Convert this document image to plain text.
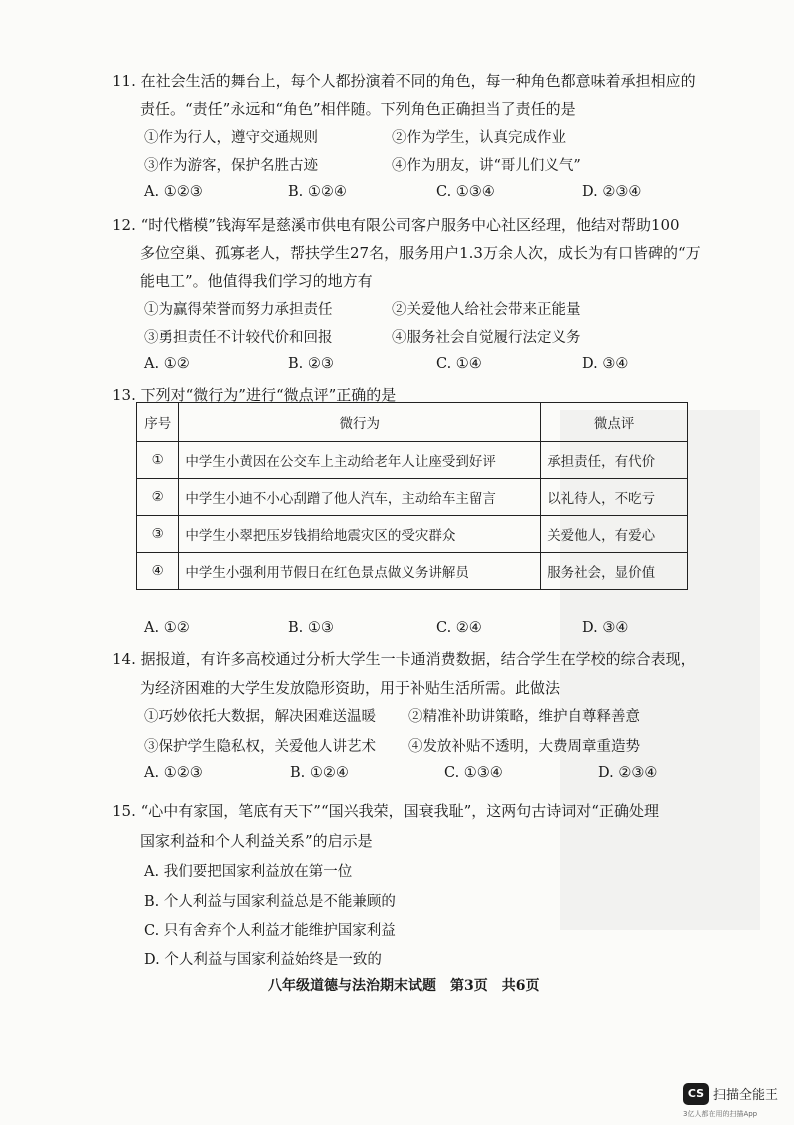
11. 在社会生活的舞台上，每个人都扮演着不同的角色，每一种角色都意味着承担相应的
责任。“责任”永远和“角色”相伴随。下列角色正确担当了责任的是
①作为行人，遵守交通规则	②作为学生，认真完成作业
③作为游客，保护名胜古迹	④作为朋友，讲“哥儿们义气”
A. ①②③	B. ①②④	C. ①③④	D. ②③④
12. “时代楷模”钱海军是慈溪市供电有限公司客户服务中心社区经理，他结对帮助100
多位空巢、孤寡老人，帮扶学生27名，服务用户1.3万余人次，成长为有口皆碑的“万
能电工”。他值得我们学习的地方有
①为赢得荣誉而努力承担责任	②关爱他人给社会带来正能量
③勇担责任不计较代价和回报	④服务社会自觉履行法定义务
A. ①②	B. ②③	C. ①④	D. ③④
13. 下列对“微行为”进行“微点评”正确的是
序号	微行为	微点评
①	中学生小黄因在公交车上主动给老年人让座受到好评	承担责任，有代价
②	中学生小迪不小心刮蹭了他人汽车，主动给车主留言	以礼待人，不吃亏
③	中学生小翠把压岁钱捐给地震灾区的受灾群众	关爱他人，有爱心
④	中学生小强利用节假日在红色景点做义务讲解员	服务社会，显价值
A. ①②	B. ①③	C. ②④	D. ③④
14. 据报道，有许多高校通过分析大学生一卡通消费数据，结合学生在学校的综合表现，
为经济困难的大学生发放隐形资助，用于补贴生活所需。此做法
①巧妙依托大数据，解决困难送温暖 ②精准补助讲策略，维护自尊释善意
③保护学生隐私权，关爱他人讲艺术 ④发放补贴不透明，大费周章重造势
A. ①②③	B. ①②④	C. ①③④	D. ②③④
15. “心中有家国，笔底有天下”“国兴我荣，国衰我耻”，这两句古诗词对“正确处理
国家利益和个人利益关系”的启示是
A. 我们要把国家利益放在第一位
B. 个人利益与国家利益总是不能兼顾的
C. 只有舍弃个人利益才能维护国家利益
D. 个人利益与国家利益始终是一致的
八年级道德与法治期末试题　第3页　共6页
CS 扫描全能王
3亿人都在用的扫描App
